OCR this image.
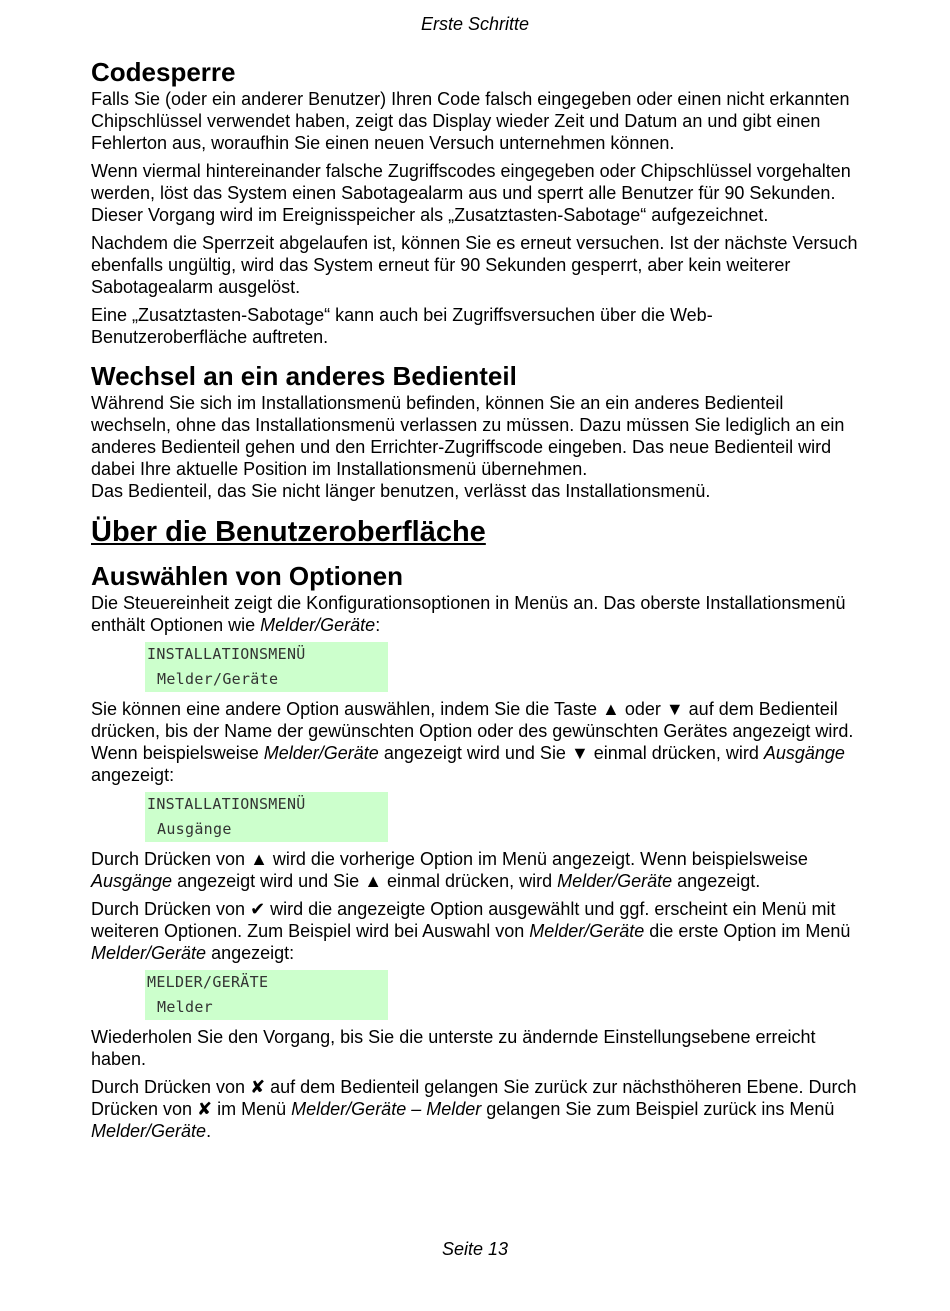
Erste Schritte
Codesperre

Falls Sie (oder ein anderer Benutzer) Ihren Code falsch eingegeben oder einen nicht erkannten Chipschlüssel verwendet haben, zeigt das Display wieder Zeit und Datum an und gibt einen Fehlerton aus, woraufhin Sie einen neuen Versuch unternehmen können.

Wenn viermal hintereinander falsche Zugriffscodes eingegeben oder Chipschlüssel vorgehalten werden, löst das System einen Sabotagealarm aus und sperrt alle Benutzer für 90 Sekunden. Dieser Vorgang wird im Ereignisspeicher als „Zusatztasten-Sabotage“ aufgezeichnet.

Nachdem die Sperrzeit abgelaufen ist, können Sie es erneut versuchen. Ist der nächste Versuch ebenfalls ungültig, wird das System erneut für 90 Sekunden gesperrt, aber kein weiterer Sabotagealarm ausgelöst.

Eine „Zusatztasten-Sabotage“ kann auch bei Zugriffsversuchen über die Web-Benutzeroberfläche auftreten.

Wechsel an ein anderes Bedienteil

Während Sie sich im Installationsmenü befinden, können Sie an ein anderes Bedienteil wechseln, ohne das Installationsmenü verlassen zu müssen. Dazu müssen Sie lediglich an ein anderes Bedienteil gehen und den Errichter-Zugriffscode eingeben. Das neue Bedienteil wird dabei Ihre aktuelle Position im Installationsmenü übernehmen.

Das Bedienteil, das Sie nicht länger benutzen, verlässt das Installationsmenü.

Über die Benutzeroberfläche
Auswählen von Optionen

Die Steuereinheit zeigt die Konfigurationsoptionen in Menüs an. Das oberste Installationsmenü enthält Optionen wie Melder/Geräte:

INSTALLATIONSMENÜ
Melder/Geräte

Sie können eine andere Option auswählen, indem Sie die Taste ▲ oder ▼ auf dem Bedienteil drücken, bis der Name der gewünschten Option oder des gewünschten Gerätes angezeigt wird. Wenn beispielsweise Melder/Geräte angezeigt wird und Sie ▼ einmal drücken, wird Ausgänge angezeigt:

INSTALLATIONSMENÜ
Ausgänge

Durch Drücken von ▲ wird die vorherige Option im Menü angezeigt. Wenn beispielsweise Ausgänge angezeigt wird und Sie ▲ einmal drücken, wird Melder/Geräte angezeigt.

Durch Drücken von ✔ wird die angezeigte Option ausgewählt und ggf. erscheint ein Menü mit weiteren Optionen. Zum Beispiel wird bei Auswahl von Melder/Geräte die erste Option im Menü Melder/Geräte angezeigt:

MELDER/GERÄTE
Melder

Wiederholen Sie den Vorgang, bis Sie die unterste zu ändernde Einstellungsebene erreicht haben.

Durch Drücken von ✘ auf dem Bedienteil gelangen Sie zurück zur nächsthöheren Ebene. Durch Drücken von ✘ im Menü Melder/Geräte – Melder gelangen Sie zum Beispiel zurück ins Menü Melder/Geräte.

Seite 13
